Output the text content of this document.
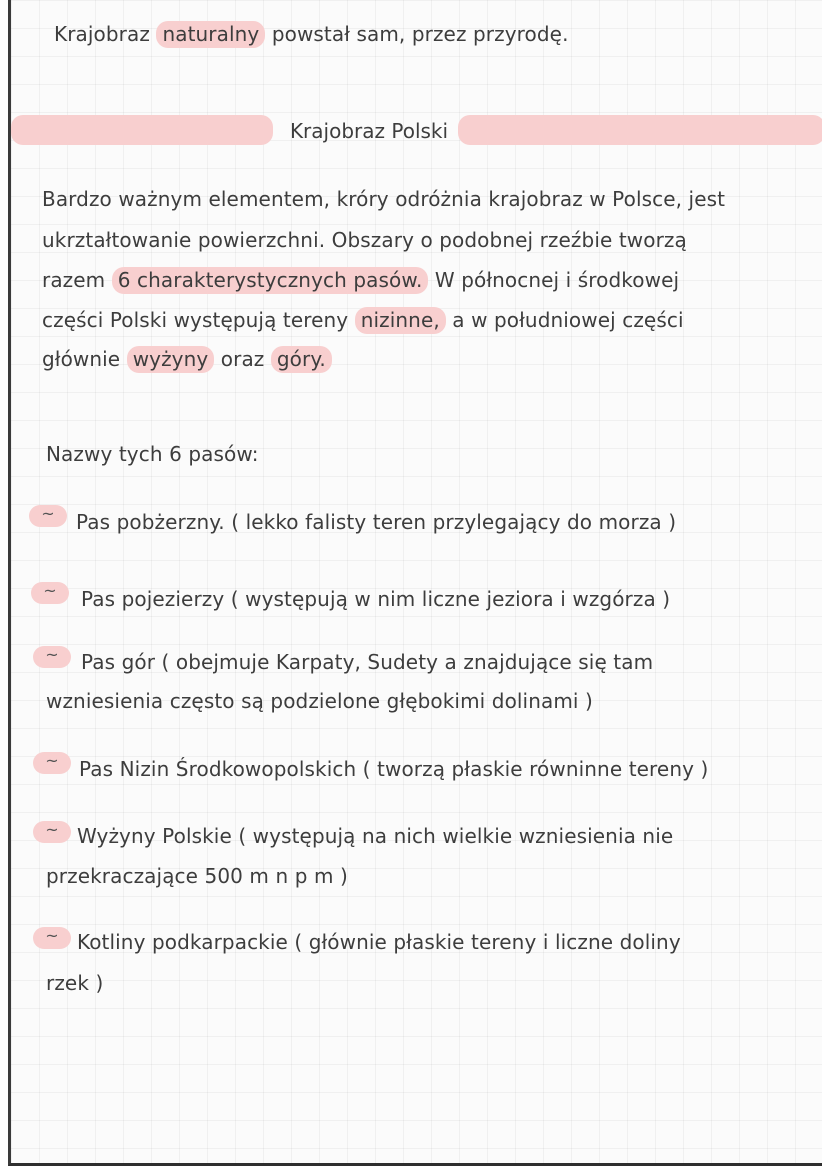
Krajobraz naturalny powstał sam, przez przyrodę.

Krajobraz Polski

Bardzo ważnym elementem, króry odróżnia krajobraz w Polsce, jest

ukrztałtowanie powierzchni. Obszary o podobnej rzeźbie tworzą

razem 6 charakterystycznych pasów. W północnej i środkowej

części Polski występują tereny nizinne, a w południowej części

głównie wyżyny oraz góry.

Nazwy tych 6 pasów:

~	Pas pobżerzny. ( lekko falisty teren przylegający do morza )

~	Pas pojezierzy ( występują w nim liczne jeziora i wzgórza )

~	Pas gór ( obejmuje Karpaty, Sudety a znajdujące się tam

wzniesienia często są podzielone głębokimi dolinami )

~	Pas Nizin Środkowopolskich ( tworzą płaskie równinne tereny )

~ Wyżyny Polskie ( występują na nich wielkie wzniesienia nie

przekraczające 500 m n p m )

~ Kotliny podkarpackie ( głównie płaskie tereny i liczne doliny

rzek )
